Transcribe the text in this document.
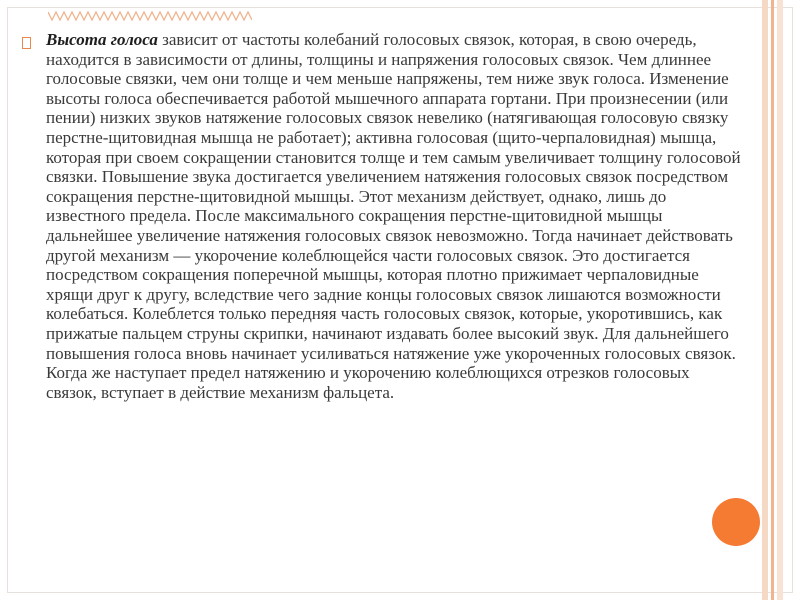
Высота голоса зависит от частоты колебаний голосовых связок, которая, в свою очередь, находится в зависимости от длины, толщины и напряжения голосовых связок. Чем длиннее голосовые связки, чем они толще и чем меньше напряжены, тем ниже звук голоса. Изменение высоты голоса обеспечивается работой мышечного аппарата гортани. При произнесении (или пении) низких звуков натяжение голосовых связок невелико (натягивающая голосовую связку перстне-щитовидная мышца не работает); активна голосовая (щито-черпаловидная) мышца, которая при своем сокращении становится толще и тем самым увеличивает толщину голосовой связки. Повышение звука достигается увеличением натяжения голосовых связок посредством сокращения перстне-щитовидной мышцы. Этот механизм действует, однако, лишь до известного предела. После максимального сокращения перстне-щитовидной мышцы дальнейшее увеличение натяжения голосовых связок невозможно. Тогда начинает действовать другой механизм — укорочение колеблющейся части голосовых связок. Это достигается посредством сокращения поперечной мышцы, которая плотно прижимает черпаловидные хрящи друг к другу, вследствие чего задние концы голосовых связок лишаются возможности колебаться. Колеблется только передняя часть голосовых связок, которые, укоротившись, как прижатые пальцем струны скрипки, начинают издавать более высокий звук. Для дальнейшего повышения голоса вновь начинает усиливаться натяжение уже укороченных голосовых связок. Когда же наступает предел натяжению и укорочению колеблющихся отрезков голосовых связок, вступает в действие механизм фальцета.
